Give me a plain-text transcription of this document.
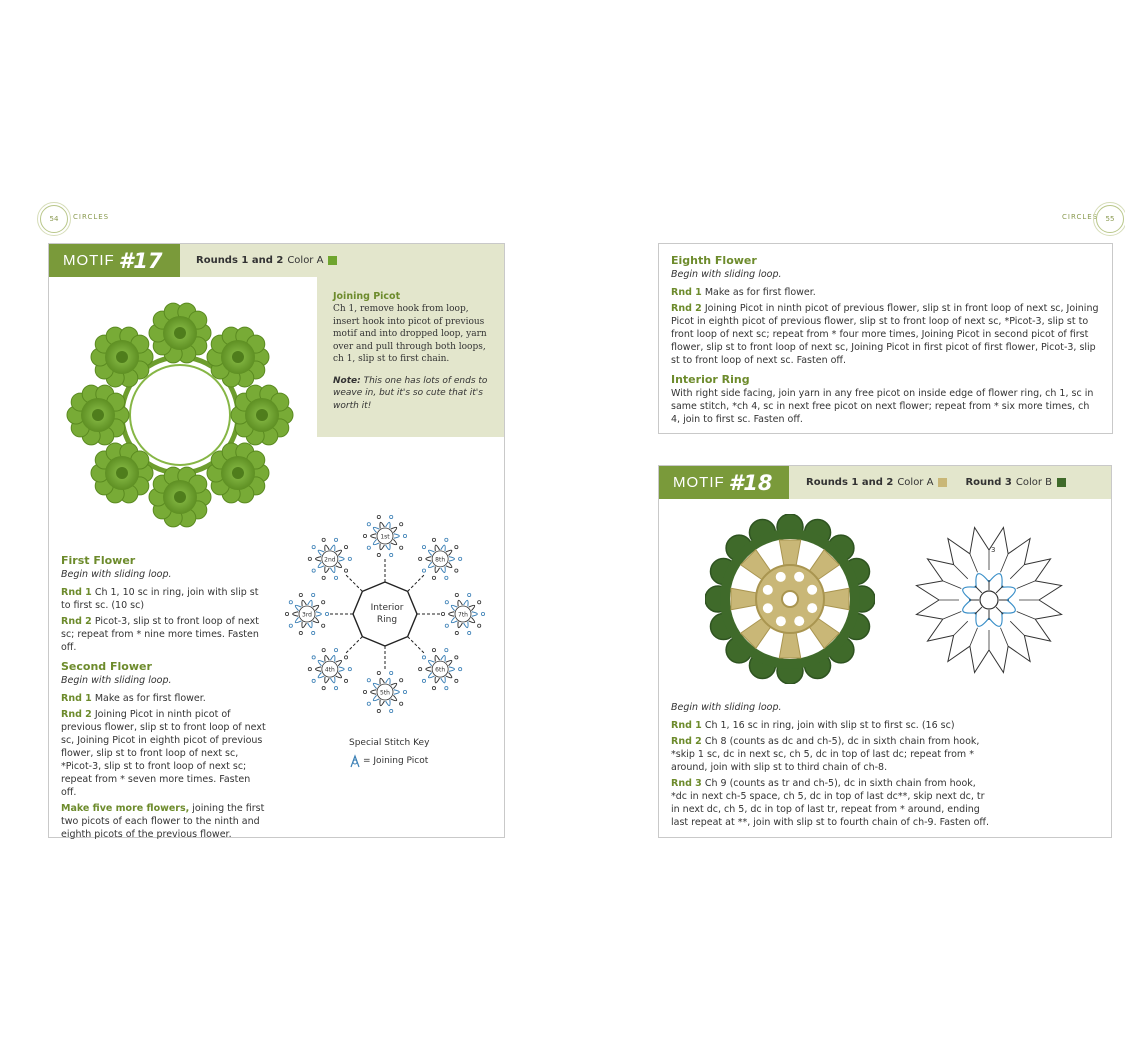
54 CIRCLES
MOTIF #17	Rounds 1 and 2 Color A
Joining Picot
Ch 1, remove hook from loop, insert hook into picot of previous motif and into dropped loop, yarn over and pull through both loops, ch 1, slip st to first chain.
Note: This one has lots of ends to weave in, but it's so cute that it's worth it!
First Flower
Begin with sliding loop.
Rnd 1 Ch 1, 10 sc in ring, join with slip st to first sc. (10 sc)
Rnd 2 Picot-3, slip st to front loop of next sc; repeat from * nine more times. Fasten off.
Second Flower
Begin with sliding loop.
Rnd 1 Make as for first flower.
Rnd 2 Joining Picot in ninth picot of previous flower, slip st to front loop of next sc, Joining Picot in eighth picot of previous flower, slip st to front loop of next sc, *Picot-3, slip st to front loop of next sc; repeat from * seven more times. Fasten off.
Make five more flowers, joining the first two picots of each flower to the ninth and eighth picots of the previous flower.
1st
8th
7th
6th
5th
4th
3rd
2nd
Interior
Ring
Special Stitch Key
= Joining Picot
CIRCLES 55
Eighth Flower
Begin with sliding loop.
Rnd 1 Make as for first flower.
Rnd 2 Joining Picot in ninth picot of previous flower, slip st in front loop of next sc, Joining Picot in eighth picot of previous flower, slip st to front loop of next sc, *Picot-3, slip st to front loop of next sc; repeat from * four more times, Joining Picot in second picot of first flower, slip st to front loop of next sc, Joining Picot in first picot of first flower, Picot-3, slip st to front loop of next sc. Fasten off.
Interior Ring
With right side facing, join yarn in any free picot on inside edge of flower ring, ch 1, sc in same stitch, *ch 4, sc in next free picot on next flower; repeat from * six more times, ch 4, join to first sc. Fasten off.
MOTIF #18	Rounds 1 and 2 Color A	Round 3 Color B
3
Begin with sliding loop.
Rnd 1 Ch 1, 16 sc in ring, join with slip st to first sc. (16 sc)
Rnd 2 Ch 8 (counts as dc and ch-5), dc in sixth chain from hook, *skip 1 sc, dc in next sc, ch 5, dc in top of last dc; repeat from * around, join with slip st to third chain of ch-8.
Rnd 3 Ch 9 (counts as tr and ch-5), dc in sixth chain from hook, *dc in next ch-5 space, ch 5, dc in top of last dc**, skip next dc, tr in next dc, ch 5, dc in top of last tr, repeat from * around, ending last repeat at **, join with slip st to fourth chain of ch-9. Fasten off.
